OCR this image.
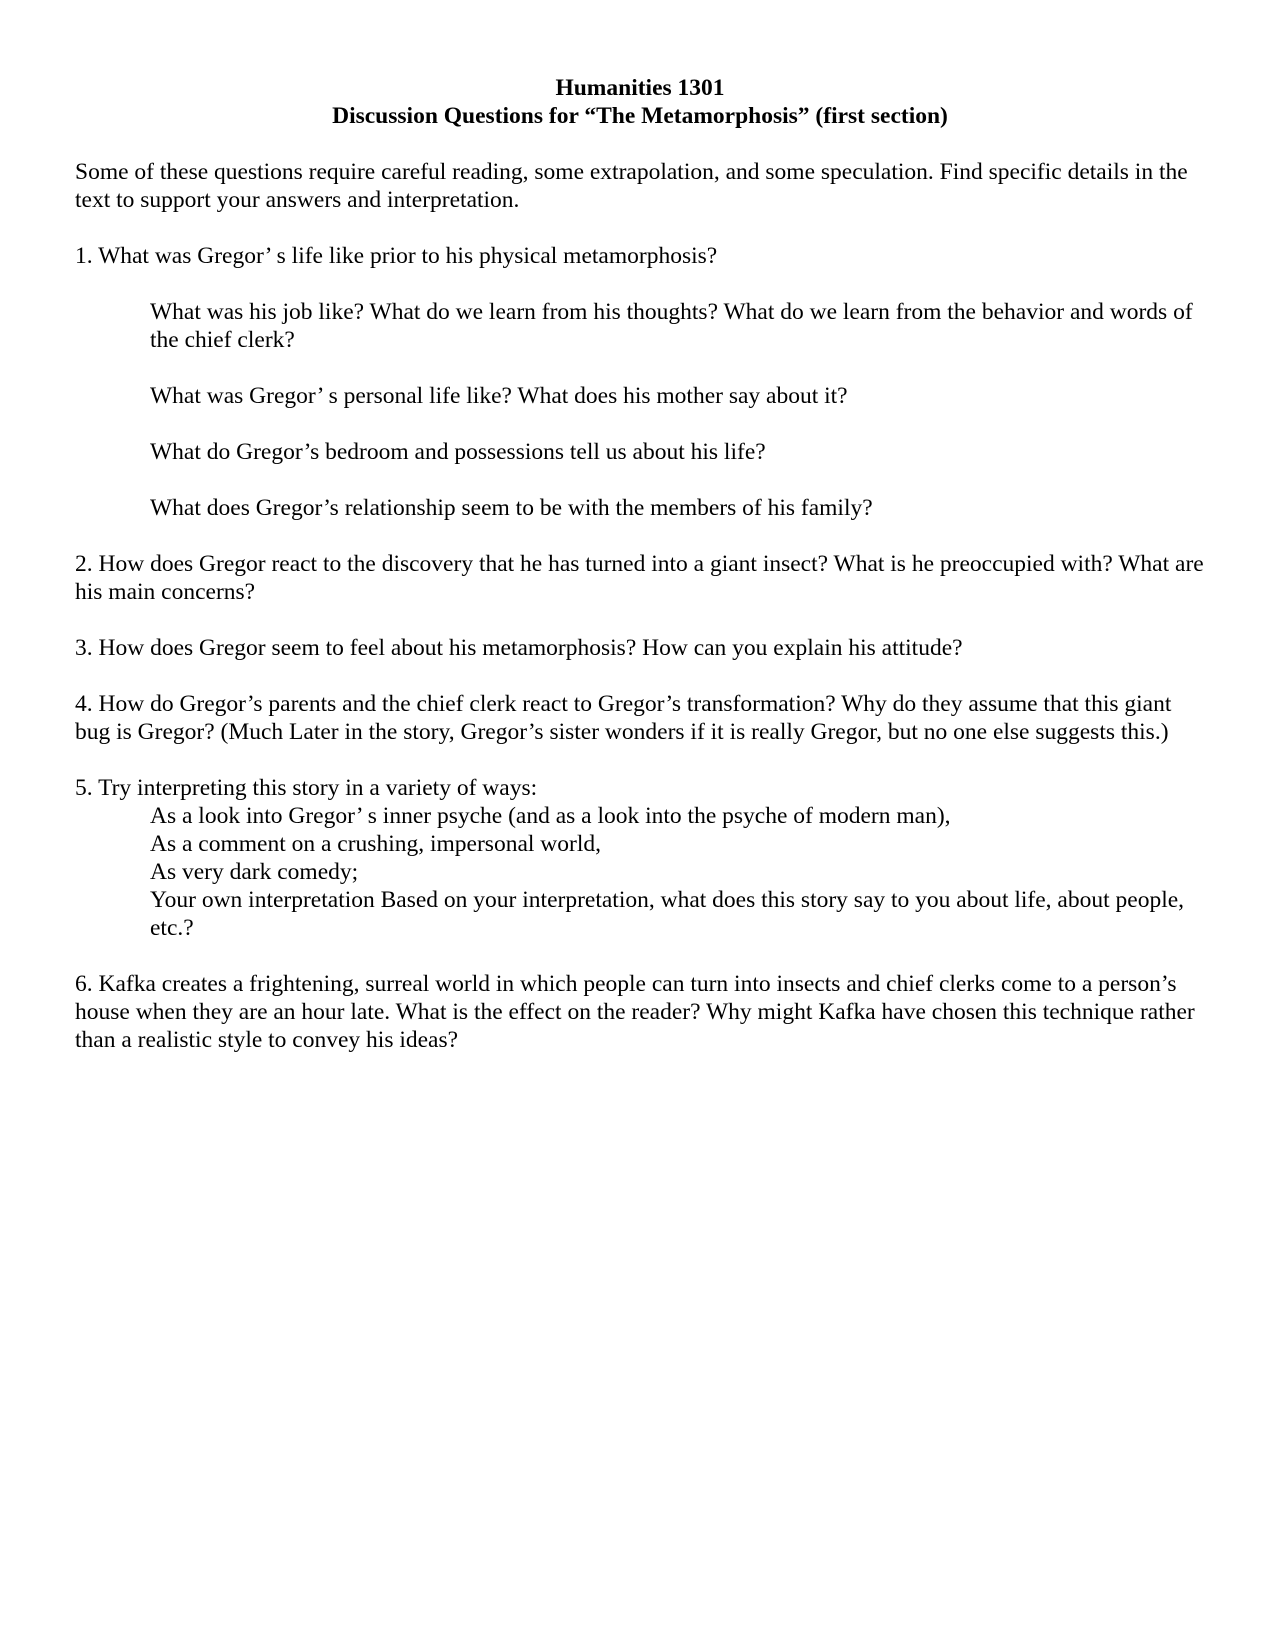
Humanities 1301
Discussion Questions for “The Metamorphosis” (first section)

Some of these questions require careful reading, some extrapolation, and some speculation. Find specific details in the text to support your answers and interpretation.

1. What was Gregor’ s life like prior to his physical metamorphosis?

What was his job like? What do we learn from his thoughts? What do we learn from the behavior and words of the chief clerk?

What was Gregor’ s personal life like? What does his mother say about it?

What do Gregor’s bedroom and possessions tell us about his life?

What does Gregor’s relationship seem to be with the members of his family?

2. How does Gregor react to the discovery that he has turned into a giant insect? What is he preoccupied with? What are his main concerns?

3. How does Gregor seem to feel about his metamorphosis? How can you explain his attitude?

4. How do Gregor’s parents and the chief clerk react to Gregor’s transformation? Why do they assume that this giant bug is Gregor? (Much Later in the story, Gregor’s sister wonders if it is really Gregor, but no one else suggests this.)

5. Try interpreting this story in a variety of ways:

As a look into Gregor’ s inner psyche (and as a look into the psyche of modern man),
As a comment on a crushing, impersonal world,
As very dark comedy;
Your own interpretation Based on your interpretation, what does this story say to you about life, about people, etc.?

6. Kafka creates a frightening, surreal world in which people can turn into insects and chief clerks come to a person’s house when they are an hour late. What is the effect on the reader? Why might Kafka have chosen this technique rather than a realistic style to convey his ideas?
